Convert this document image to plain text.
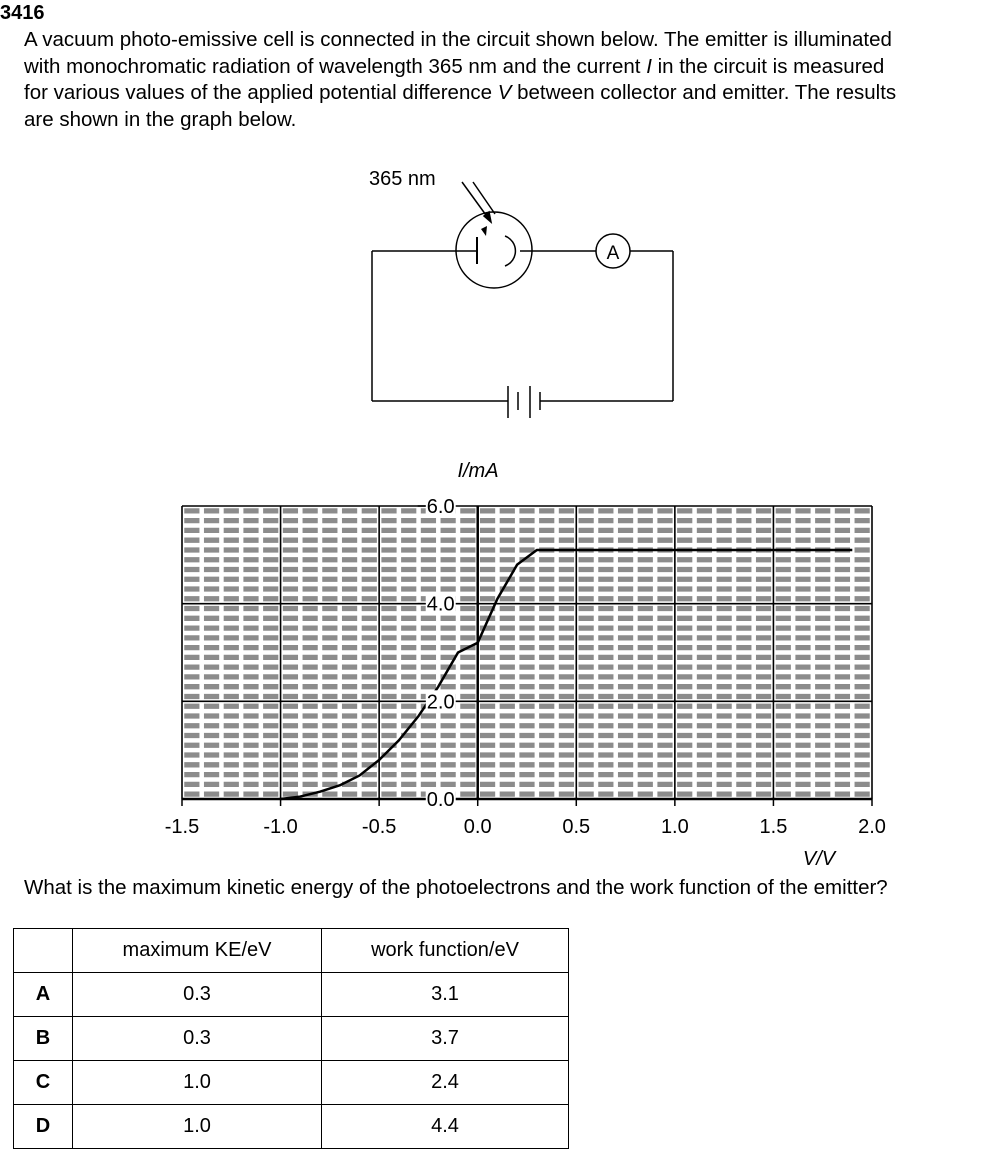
3416

A vacuum photo-emissive cell is connected in the circuit shown below. The emitter is illuminated

with monochromatic radiation of wavelength 365 nm and the current I in the circuit is measured

for various values of the applied potential difference V between collector and emitter. The results

are shown in the graph below.

365 nm
A
I/mA
0.0
2.0
4.0
6.0
-1.5	-1.0	-0.5	0.0	0.5	1.0	1.5	2.0
V/V
What is the maximum kinetic energy of the photoelectrons and the work function of the emitter?
	maximum KE/eV	work function/eV
A	0.3	3.1
B	0.3	3.7
C	1.0	2.4
D	1.0	4.4
